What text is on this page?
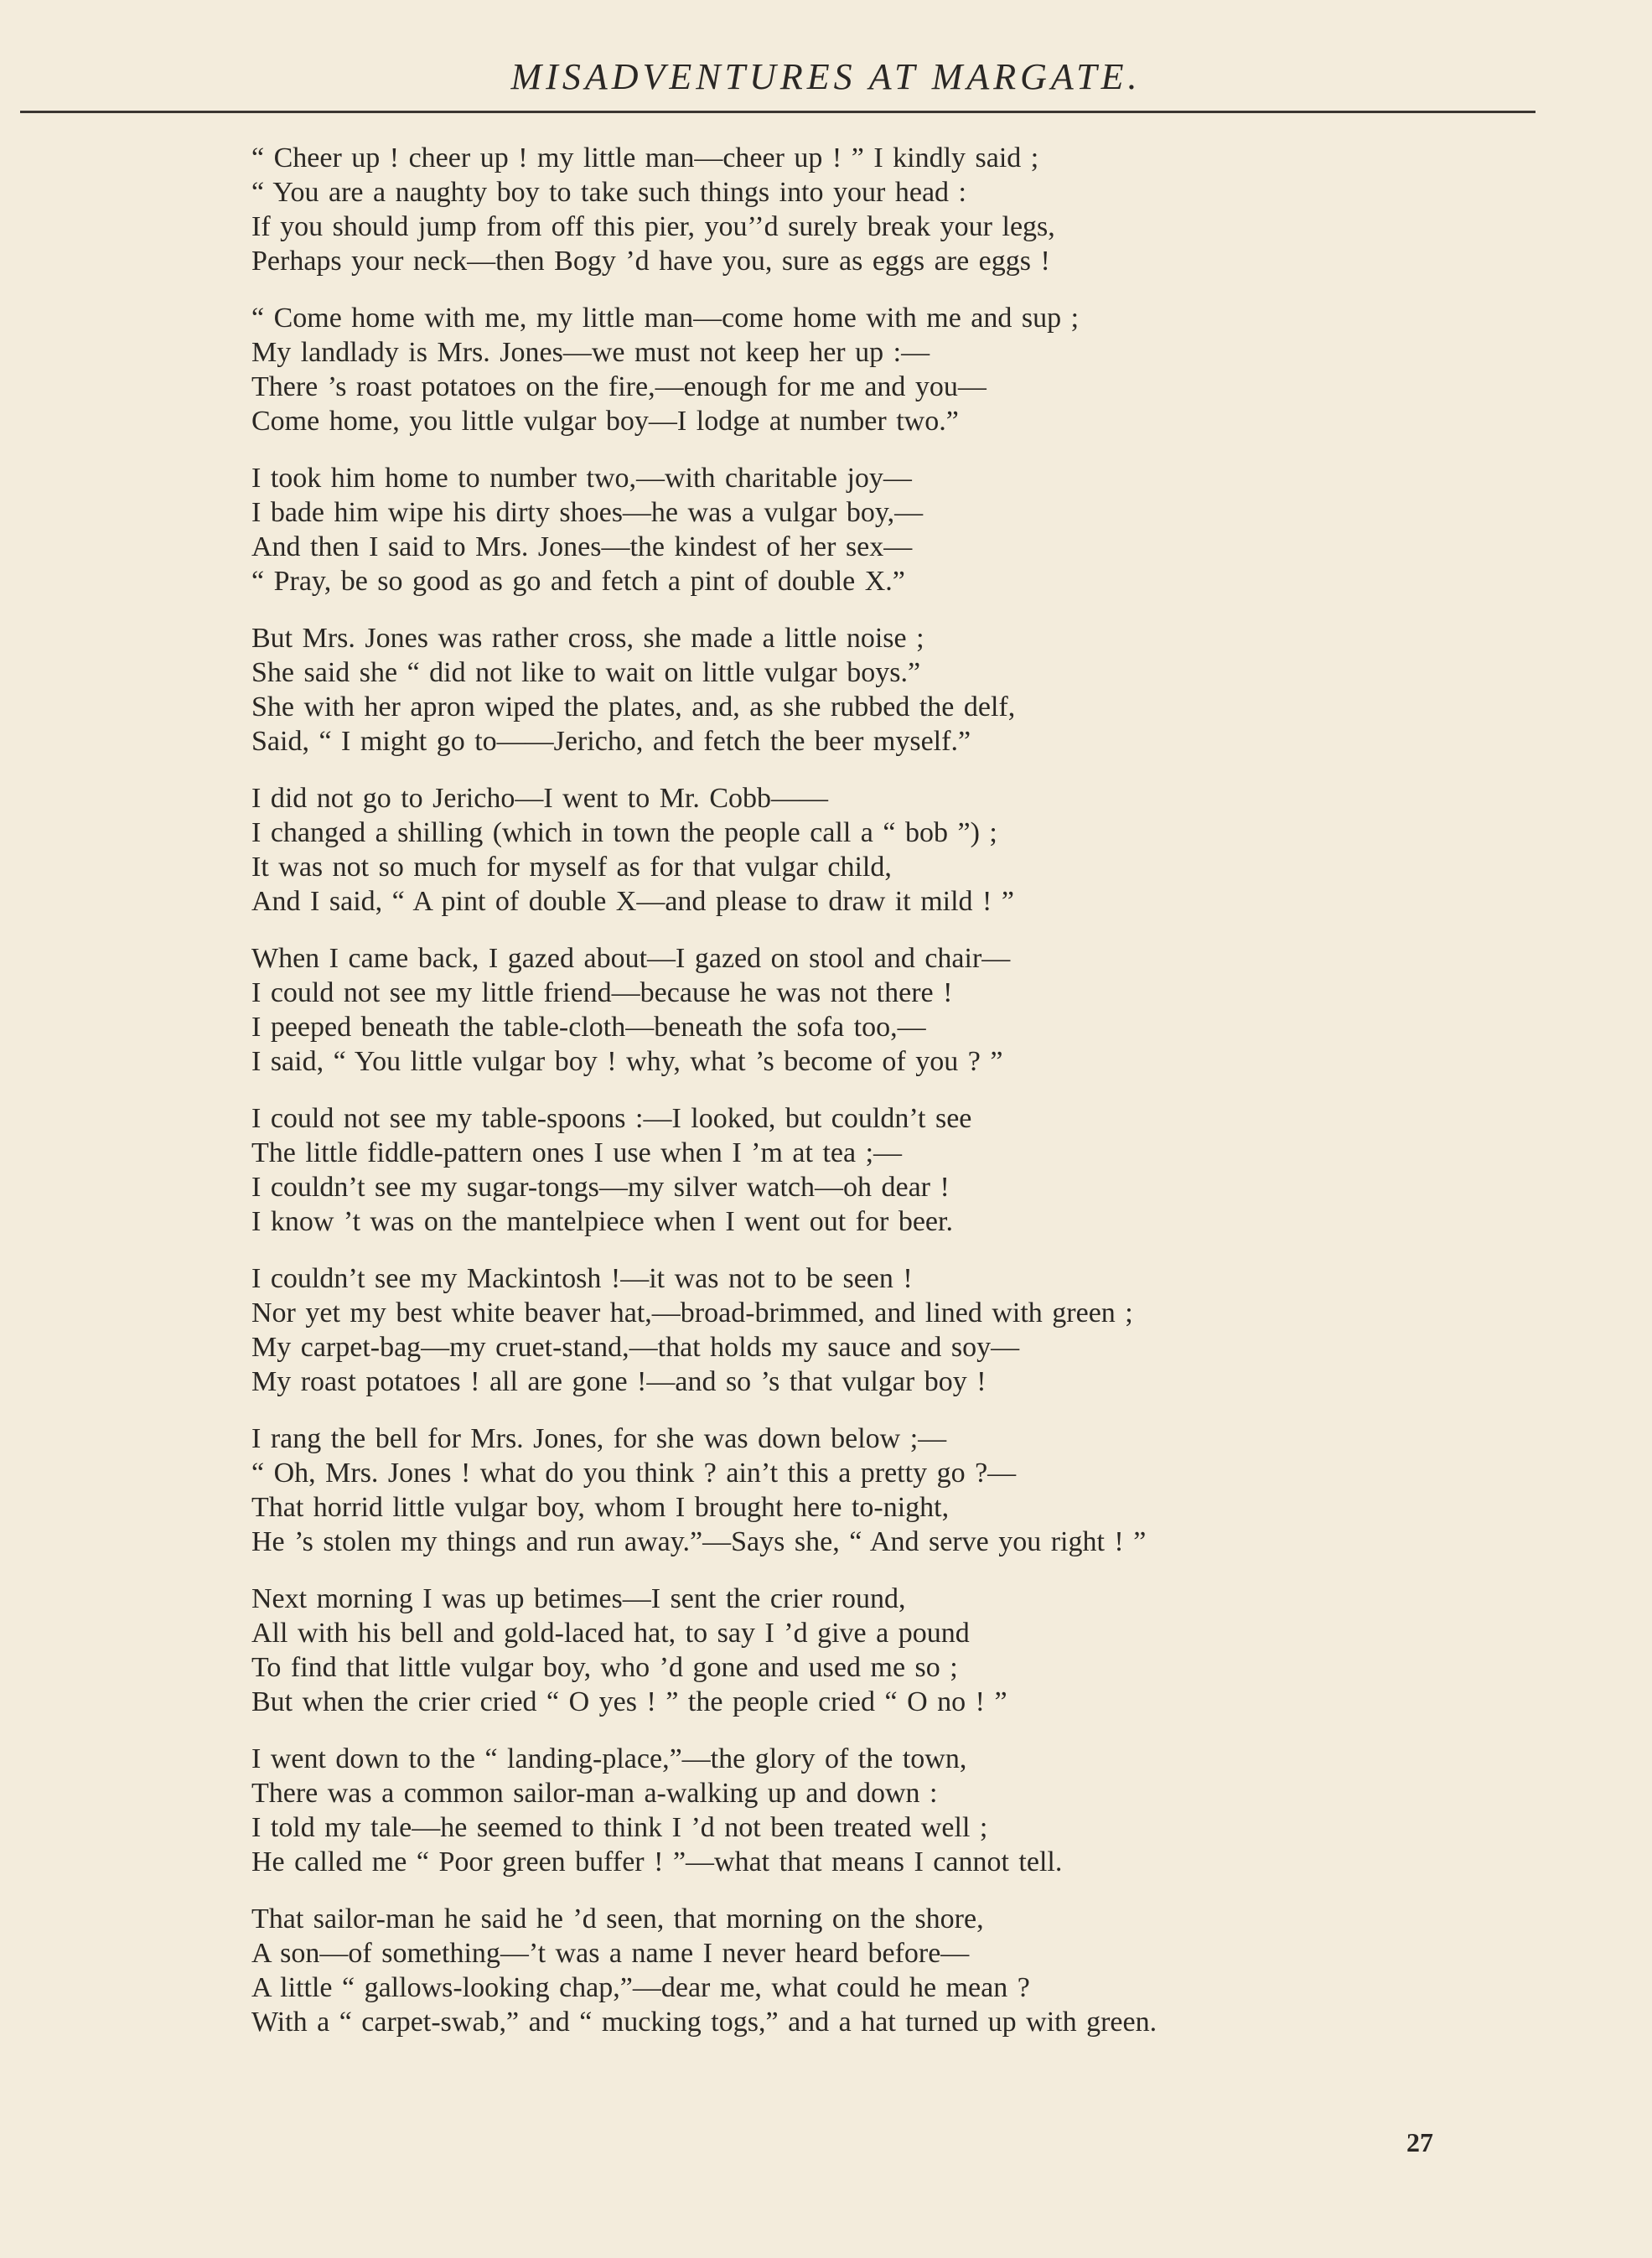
MISADVENTURES AT MARGATE.
“ Cheer up ! cheer up ! my little man—cheer up ! ” I kindly said ;
“ You are a naughty boy to take such things into your head :
If you should jump from off this pier, you’’d surely break your legs,
Perhaps your neck—then Bogy ’d have you, sure as eggs are eggs !
“ Come home with me, my little man—come home with me and sup ;
My landlady is Mrs. Jones—we must not keep her up :—
There ’s roast potatoes on the fire,—enough for me and you—
Come home, you little vulgar boy—I lodge at number two.”
I took him home to number two,—with charitable joy—
I bade him wipe his dirty shoes—he was a vulgar boy,—
And then I said to Mrs. Jones—the kindest of her sex—
“ Pray, be so good as go and fetch a pint of double X.”
But Mrs. Jones was rather cross, she made a little noise ;
She said she “ did not like to wait on little vulgar boys.”
She with her apron wiped the plates, and, as she rubbed the delf,
Said, “ I might go to——Jericho, and fetch the beer myself.”
I did not go to Jericho—I went to Mr. Cobb——
I changed a shilling (which in town the people call a “ bob ”) ;
It was not so much for myself as for that vulgar child,
And I said, “ A pint of double X—and please to draw it mild ! ”
When I came back, I gazed about—I gazed on stool and chair—
I could not see my little friend—because he was not there !
I peeped beneath the table-cloth—beneath the sofa too,—
I said, “ You little vulgar boy ! why, what ’s become of you ? ”
I could not see my table-spoons :—I looked, but couldn’t see
The little fiddle-pattern ones I use when I ’m at tea ;—
I couldn’t see my sugar-tongs—my silver watch—oh dear !
I know ’t was on the mantelpiece when I went out for beer.
I couldn’t see my Mackintosh !—it was not to be seen !
Nor yet my best white beaver hat,—broad-brimmed, and lined with green ;
My carpet-bag—my cruet-stand,—that holds my sauce and soy—
My roast potatoes ! all are gone !—and so ’s that vulgar boy !
I rang the bell for Mrs. Jones, for she was down below ;—
“ Oh, Mrs. Jones ! what do you think ? ain’t this a pretty go ?—
That horrid little vulgar boy, whom I brought here to-night,
He ’s stolen my things and run away.”—Says she, “ And serve you right ! ”
Next morning I was up betimes—I sent the crier round,
All with his bell and gold-laced hat, to say I ’d give a pound
To find that little vulgar boy, who ’d gone and used me so ;
But when the crier cried “ O yes ! ” the people cried “ O no ! ”
I went down to the “ landing-place,”—the glory of the town,
There was a common sailor-man a-walking up and down :
I told my tale—he seemed to think I ’d not been treated well ;
He called me “ Poor green buffer ! ”—what that means I cannot tell.
That sailor-man he said he ’d seen, that morning on the shore,
A son—of something—’t was a name I never heard before—
A little “ gallows-looking chap,”—dear me, what could he mean ?
With a “ carpet-swab,” and “ mucking togs,” and a hat turned up with green.
27
